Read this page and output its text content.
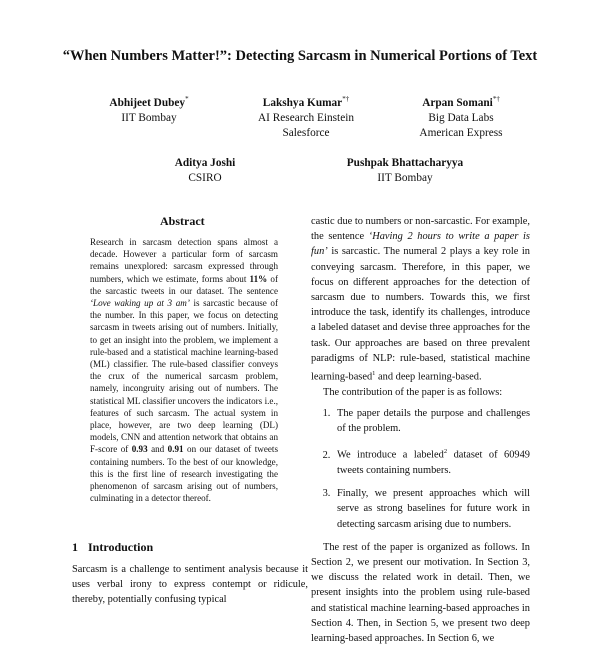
“When Numbers Matter!”: Detecting Sarcasm in Numerical Portions of Text
Abhijeet Dubey*
IIT Bombay
Lakshya Kumar*†
AI Research Einstein
Salesforce
Arpan Somani*†
Big Data Labs
American Express
Aditya Joshi
CSIRO
Pushpak Bhattacharyya
IIT Bombay
Abstract
Research in sarcasm detection spans almost a decade. However a particular form of sarcasm remains unexplored: sarcasm expressed through numbers, which we estimate, forms about 11% of the sarcastic tweets in our dataset. The sentence ‘Love waking up at 3 am’ is sarcastic because of the number. In this paper, we focus on detecting sarcasm in tweets arising out of numbers. Initially, to get an insight into the problem, we implement a rule-based and a statistical machine learning-based (ML) classifier. The rule-based classifier conveys the crux of the numerical sarcasm problem, namely, incongruity arising out of numbers. The statistical ML classifier uncovers the indicators i.e., features of such sarcasm. The actual system in place, however, are two deep learning (DL) models, CNN and attention network that obtains an F-score of 0.93 and 0.91 on our dataset of tweets containing numbers. To the best of our knowledge, this is the first line of research investigating the phenomenon of sarcasm arising out of numbers, culminating in a detector thereof.
1 Introduction
Sarcasm is a challenge to sentiment analysis because it uses verbal irony to express contempt or ridicule, thereby, potentially confusing typical

castic due to numbers or non-sarcastic. For example, the sentence ‘Having 2 hours to write a paper is fun’ is sarcastic. The numeral 2 plays a key role in conveying sarcasm. Therefore, in this paper, we focus on different approaches for the detection of sarcasm due to numbers. Towards this, we first introduce the task, identify its challenges, introduce a labeled dataset and devise three approaches for the task. Our approaches are based on three prevalent paradigms of NLP: rule-based, statistical machine learning-based$^1$ and deep learning-based.

The contribution of the paper is as follows:

1. The paper details the purpose and challenges of the problem.
2. We introduce a labeled$^2$ dataset of 60949 tweets containing numbers.
3. Finally, we present approaches which will serve as strong baselines for future work in detecting sarcasm arising due to numbers.

The rest of the paper is organized as follows. In Section 2, we present our motivation. In Section 3, we discuss the related work in detail. Then, we present insights into the problem using rule-based and statistical machine learning-based approaches in Section 4. Then, in Section 5, we present two deep learning-based approaches. In Section 6, we
